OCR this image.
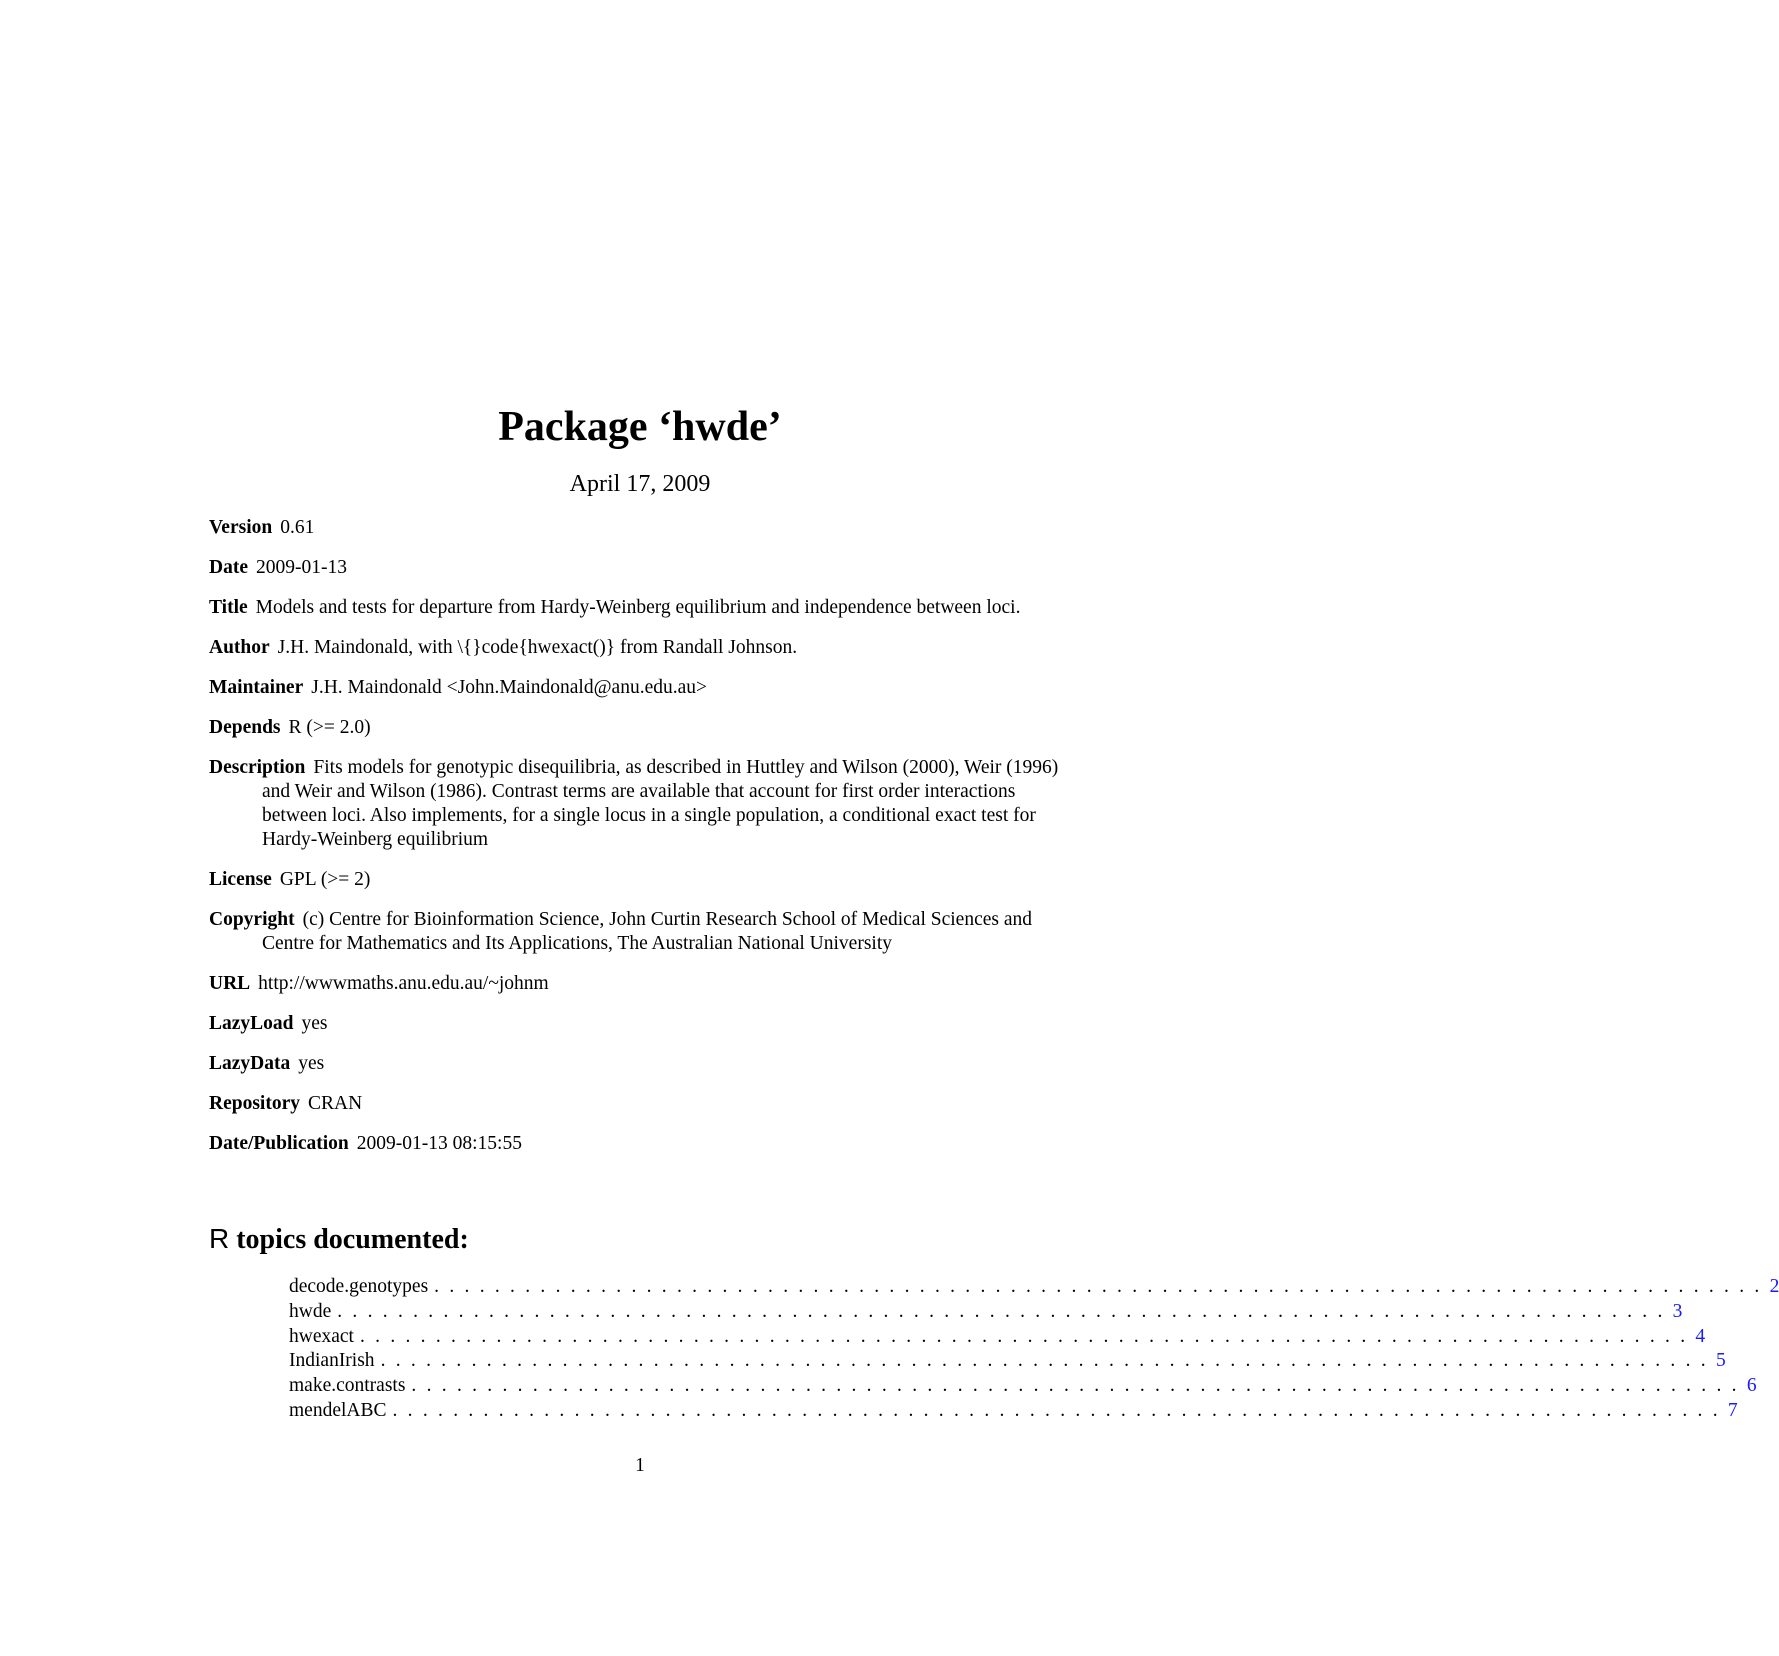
Package ‘hwde’
April 17, 2009
Version 0.61
Date 2009-01-13
Title Models and tests for departure from Hardy-Weinberg equilibrium and independence between loci.
Author J.H. Maindonald, with \{}code{hwexact()} from Randall Johnson.
Maintainer J.H. Maindonald <John.Maindonald@anu.edu.au>
Depends R (>= 2.0)
Description Fits models for genotypic disequilibria, as described in Huttley and Wilson (2000), Weir (1996) and Weir and Wilson (1986). Contrast terms are available that account for first order interactions between loci. Also implements, for a single locus in a single population, a conditional exact test for Hardy-Weinberg equilibrium
License GPL (>= 2)
Copyright (c) Centre for Bioinformation Science, John Curtin Research School of Medical Sciences and Centre for Mathematics and Its Applications, The Australian National University
URL http://wwwmaths.anu.edu.au/~johnm
LazyLoad yes
LazyData yes
Repository CRAN
Date/Publication 2009-01-13 08:15:55
R topics documented:
decode.genotypes ........................................................................................ 2
hwde ........................................................................................ 3
hwexact ........................................................................................ 4
IndianIrish ........................................................................................ 5
make.contrasts ........................................................................................ 6
mendelABC ........................................................................................ 7
1
